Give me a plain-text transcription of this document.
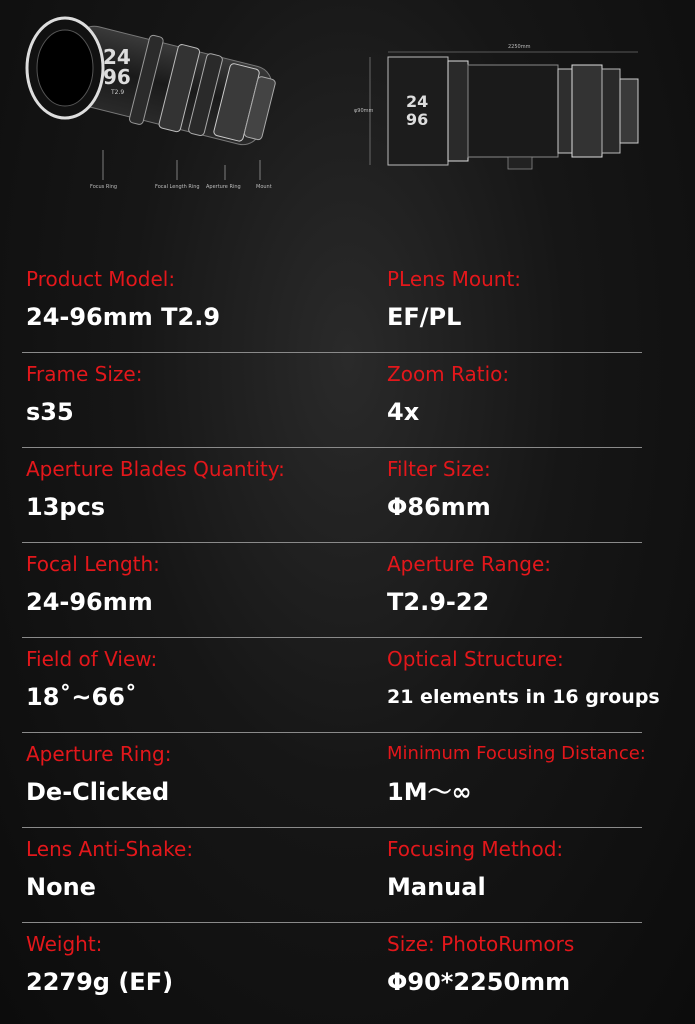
24
96
T2.9
Focus Ring	Focal Length Ring Aperture Ring	Mount
24
96
2250mm
φ90mm
Product Model:
24-96mm T2.9
PLens Mount:
EF/PL
Frame Size:
s35
Zoom Ratio:
4x
Aperture Blades Quantity:
13pcs
Filter Size:
Φ86mm
Focal Length:
24-96mm
Aperture Range:
T2.9-22
Field of View:
18˚~66˚
Optical Structure:
21 elements in 16 groups
Aperture Ring:
De-Clicked
Minimum Focusing Distance:
1M～∞
Lens Anti-Shake:
None
Focusing Method:
Manual
Weight:
2279g (EF)
Size: PhotoRumors
Φ90*2250mm
